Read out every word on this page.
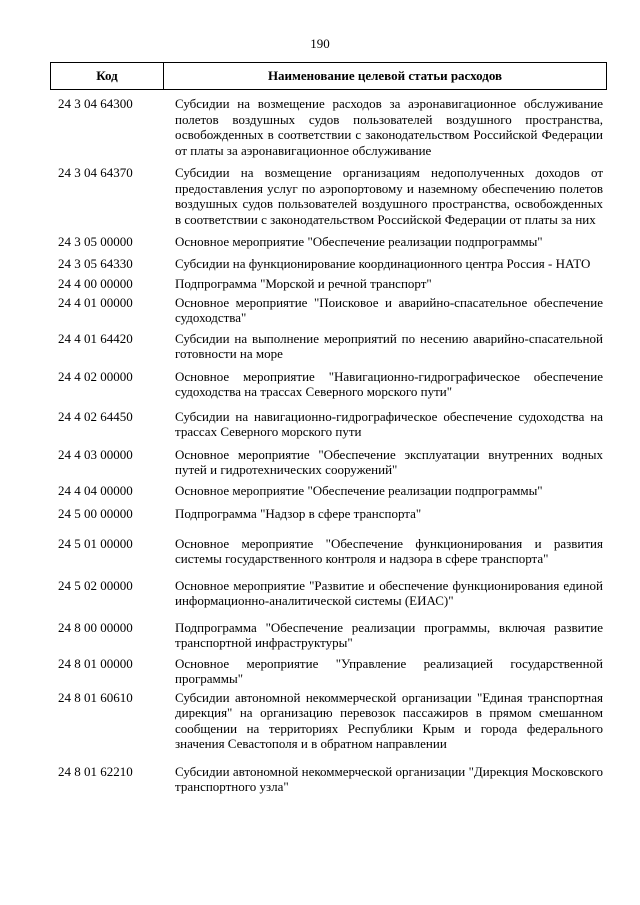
190
Код	Наименование целевой статьи расходов
24 3 04 64300	Субсидии на возмещение расходов за аэронавигационное обслуживание полетов воздушных судов пользователей воздушного пространства, освобожденных в соответствии с законодательством Российской Федерации от платы за аэронавигационное обслуживание
24 3 04 64370	Субсидии на возмещение организациям недополученных доходов от предоставления услуг по аэропортовому и наземному обеспечению полетов воздушных судов пользователей воздушного пространства, освобожденных в соответствии с законодательством Российской Федерации от платы за них
24 3 05 00000	Основное мероприятие "Обеспечение реализации подпрограммы"
24 3 05 64330	Субсидии на функционирование координационного центра Россия - НАТО
24 4 00 00000	Подпрограмма "Морской и речной транспорт"
24 4 01 00000	Основное мероприятие "Поисковое и аварийно-спасательное обеспечение судоходства"
24 4 01 64420	Субсидии на выполнение мероприятий по несению аварийно-спасательной готовности на море
24 4 02 00000	Основное мероприятие "Навигационно-гидрографическое обеспечение судоходства на трассах Северного морского пути"
24 4 02 64450	Субсидии на навигационно-гидрографическое обеспечение судоходства на трассах Северного морского пути
24 4 03 00000	Основное мероприятие "Обеспечение эксплуатации внутренних водных путей и гидротехнических сооружений"
24 4 04 00000	Основное мероприятие "Обеспечение реализации подпрограммы"
24 5 00 00000	Подпрограмма "Надзор в сфере транспорта"
24 5 01 00000	Основное мероприятие "Обеспечение функционирования и развития системы государственного контроля и надзора в сфере транспорта"
24 5 02 00000	Основное мероприятие "Развитие и обеспечение функционирования единой информационно-аналитической системы (ЕИАС)"
24 8 00 00000	Подпрограмма "Обеспечение реализации программы, включая развитие транспортной инфраструктуры"
24 8 01 00000	Основное мероприятие "Управление реализацией государственной программы"
24 8 01 60610	Субсидии автономной некоммерческой организации "Единая транспортная дирекция" на организацию перевозок пассажиров в прямом смешанном сообщении на территориях Республики Крым и города федерального значения Севастополя и в обратном направлении
24 8 01 62210	Субсидии автономной некоммерческой организации "Дирекция Московского транспортного узла"
